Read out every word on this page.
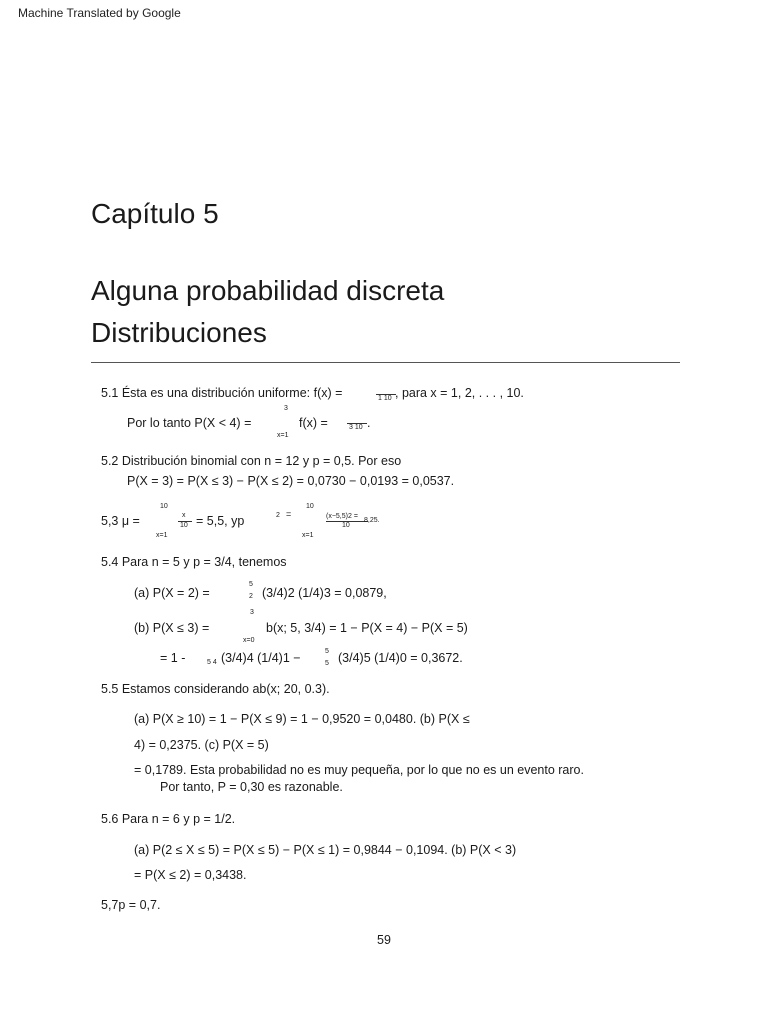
Machine Translated by Google
Capítulo 5
Alguna probabilidad discreta
Distribuciones
5.1 Ésta es una distribución uniforme: f(x) =	1 10 , para x = 1, 2, . . . , 10.
3
Por lo tanto P(X < 4) =	f(x) =	3 10 .
x=1
5.2 Distribución binomial con n = 12 y p = 0,5. Por eso
P(X = 3) = P(X ≤ 3) − P(X ≤ 2) = 0,0730 − 0,0193 = 0,0537.
10	10
5,3 μ =	x
10 = 5,5, yp	2 =	(x−5,5)2 =
10
8,25.
x=1	x=1
5.4 Para n = 5 y p = 3/4, tenemos
5
(a) P(X = 2) =	2 (3/4)2 (1/4)3 = 0,0879,
3
(b) P(X ≤ 3) =	b(x; 5, 3/4) = 1 − P(X = 4) − P(X = 5)
x=0
= 1 -	5 4 (3/4)4 (1/4)1 −	5
5 (3/4)5 (1/4)0 = 0,3672.
5.5 Estamos considerando ab(x; 20, 0.3).
(a) P(X ≥ 10) = 1 − P(X ≤ 9) = 1 − 0,9520 = 0,0480. (b) P(X ≤
4) = 0,2375. (c) P(X = 5)
= 0,1789. Esta probabilidad no es muy pequeña, por lo que no es un evento raro.
Por tanto, P = 0,30 es razonable.
5.6 Para n = 6 y p = 1/2.
(a) P(2 ≤ X ≤ 5) = P(X ≤ 5) − P(X ≤ 1) = 0,9844 − 0,1094. (b) P(X < 3)
= P(X ≤ 2) = 0,3438.
5,7p = 0,7.
59
